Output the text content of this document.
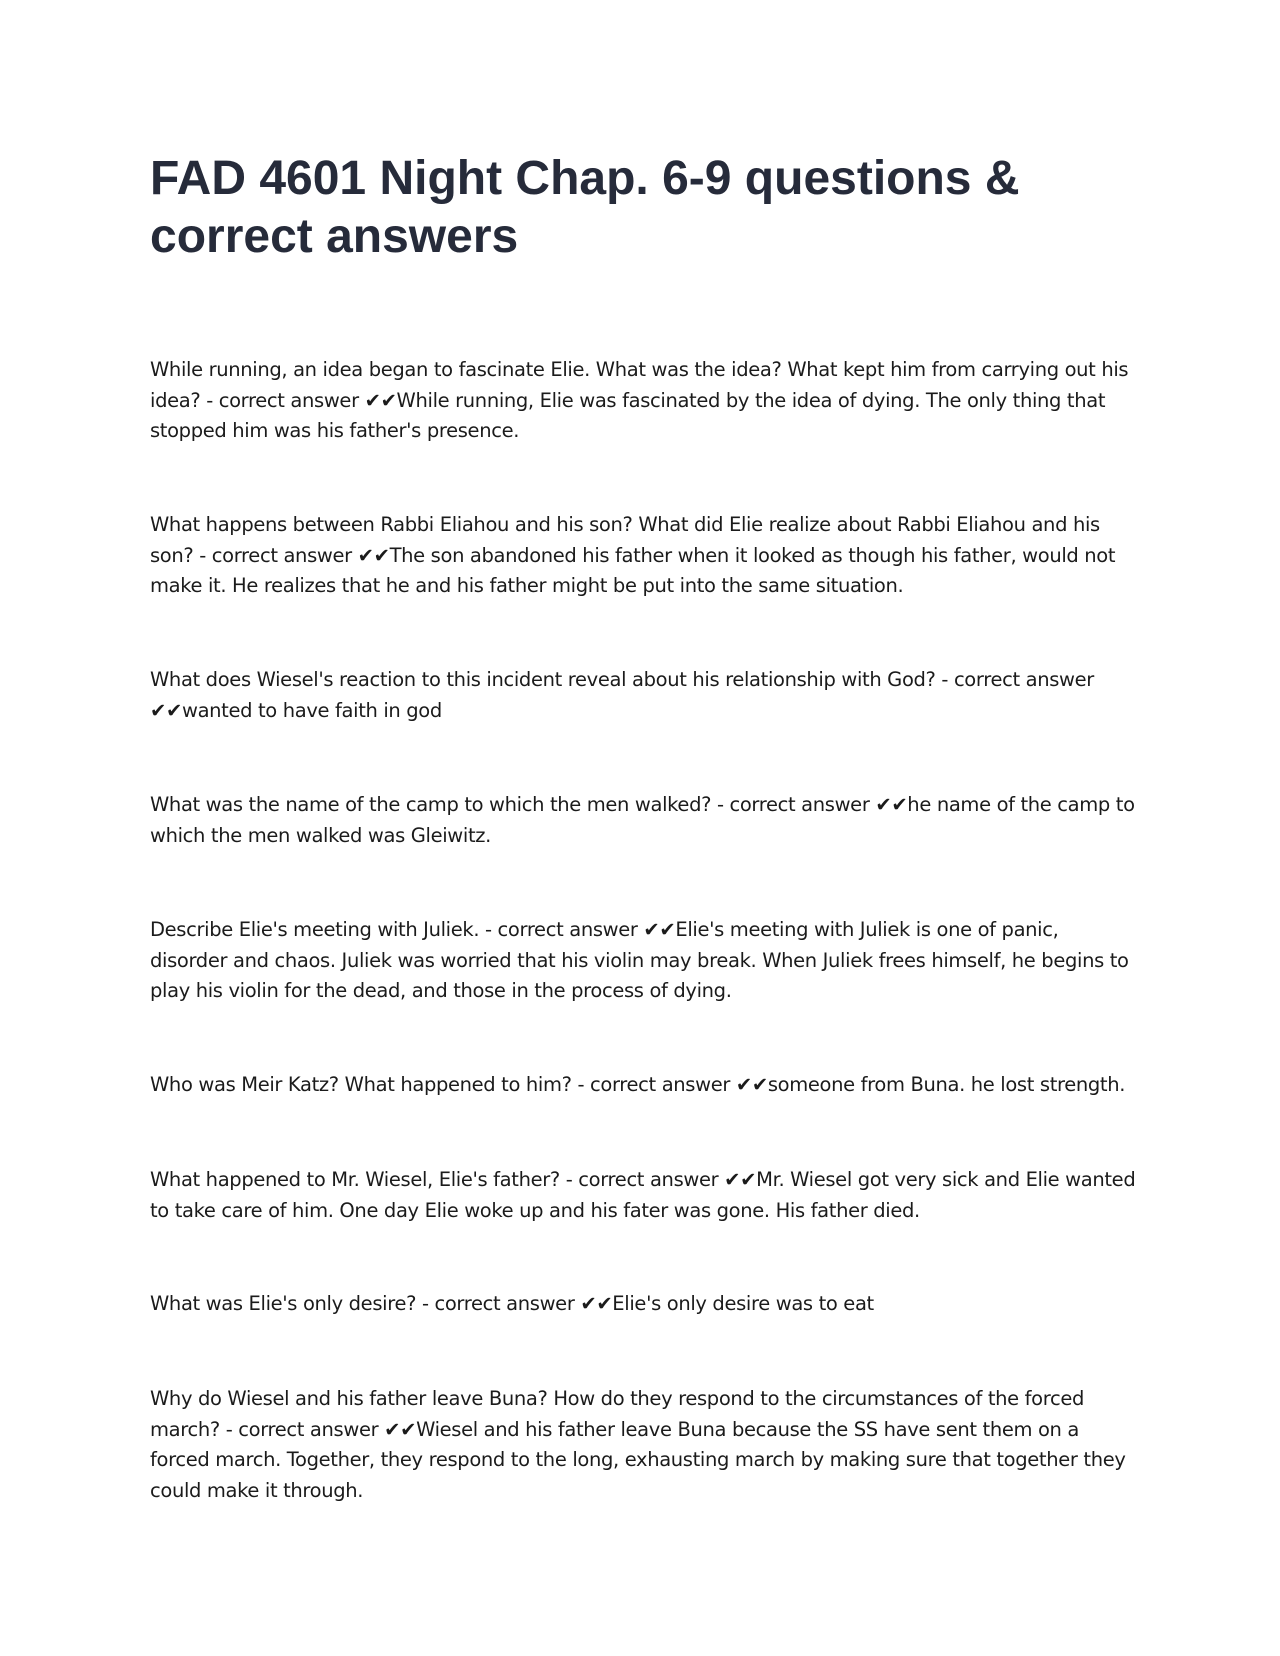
FAD 4601 Night Chap. 6-9 questions & correct answers

While running, an idea began to fascinate Elie. What was the idea? What kept him from carrying out his idea? - correct answer ✔✔While running, Elie was fascinated by the idea of dying. The only thing that stopped him was his father's presence.

What happens between Rabbi Eliahou and his son? What did Elie realize about Rabbi Eliahou and his son? - correct answer ✔✔The son abandoned his father when it looked as though his father, would not make it. He realizes that he and his father might be put into the same situation.

What does Wiesel's reaction to this incident reveal about his relationship with God? - correct answer ✔✔wanted to have faith in god

What was the name of the camp to which the men walked? - correct answer ✔✔he name of the camp to which the men walked was Gleiwitz.

Describe Elie's meeting with Juliek. - correct answer ✔✔Elie's meeting with Juliek is one of panic, disorder and chaos. Juliek was worried that his violin may break. When Juliek frees himself, he begins to play his violin for the dead, and those in the process of dying.

Who was Meir Katz? What happened to him? - correct answer ✔✔someone from Buna. he lost strength.

What happened to Mr. Wiesel, Elie's father? - correct answer ✔✔Mr. Wiesel got very sick and Elie wanted to take care of him. One day Elie woke up and his fater was gone. His father died.

What was Elie's only desire? - correct answer ✔✔Elie's only desire was to eat

Why do Wiesel and his father leave Buna? How do they respond to the circumstances of the forced march? - correct answer ✔✔Wiesel and his father leave Buna because the SS have sent them on a forced march. Together, they respond to the long, exhausting march by making sure that together they could make it through.
